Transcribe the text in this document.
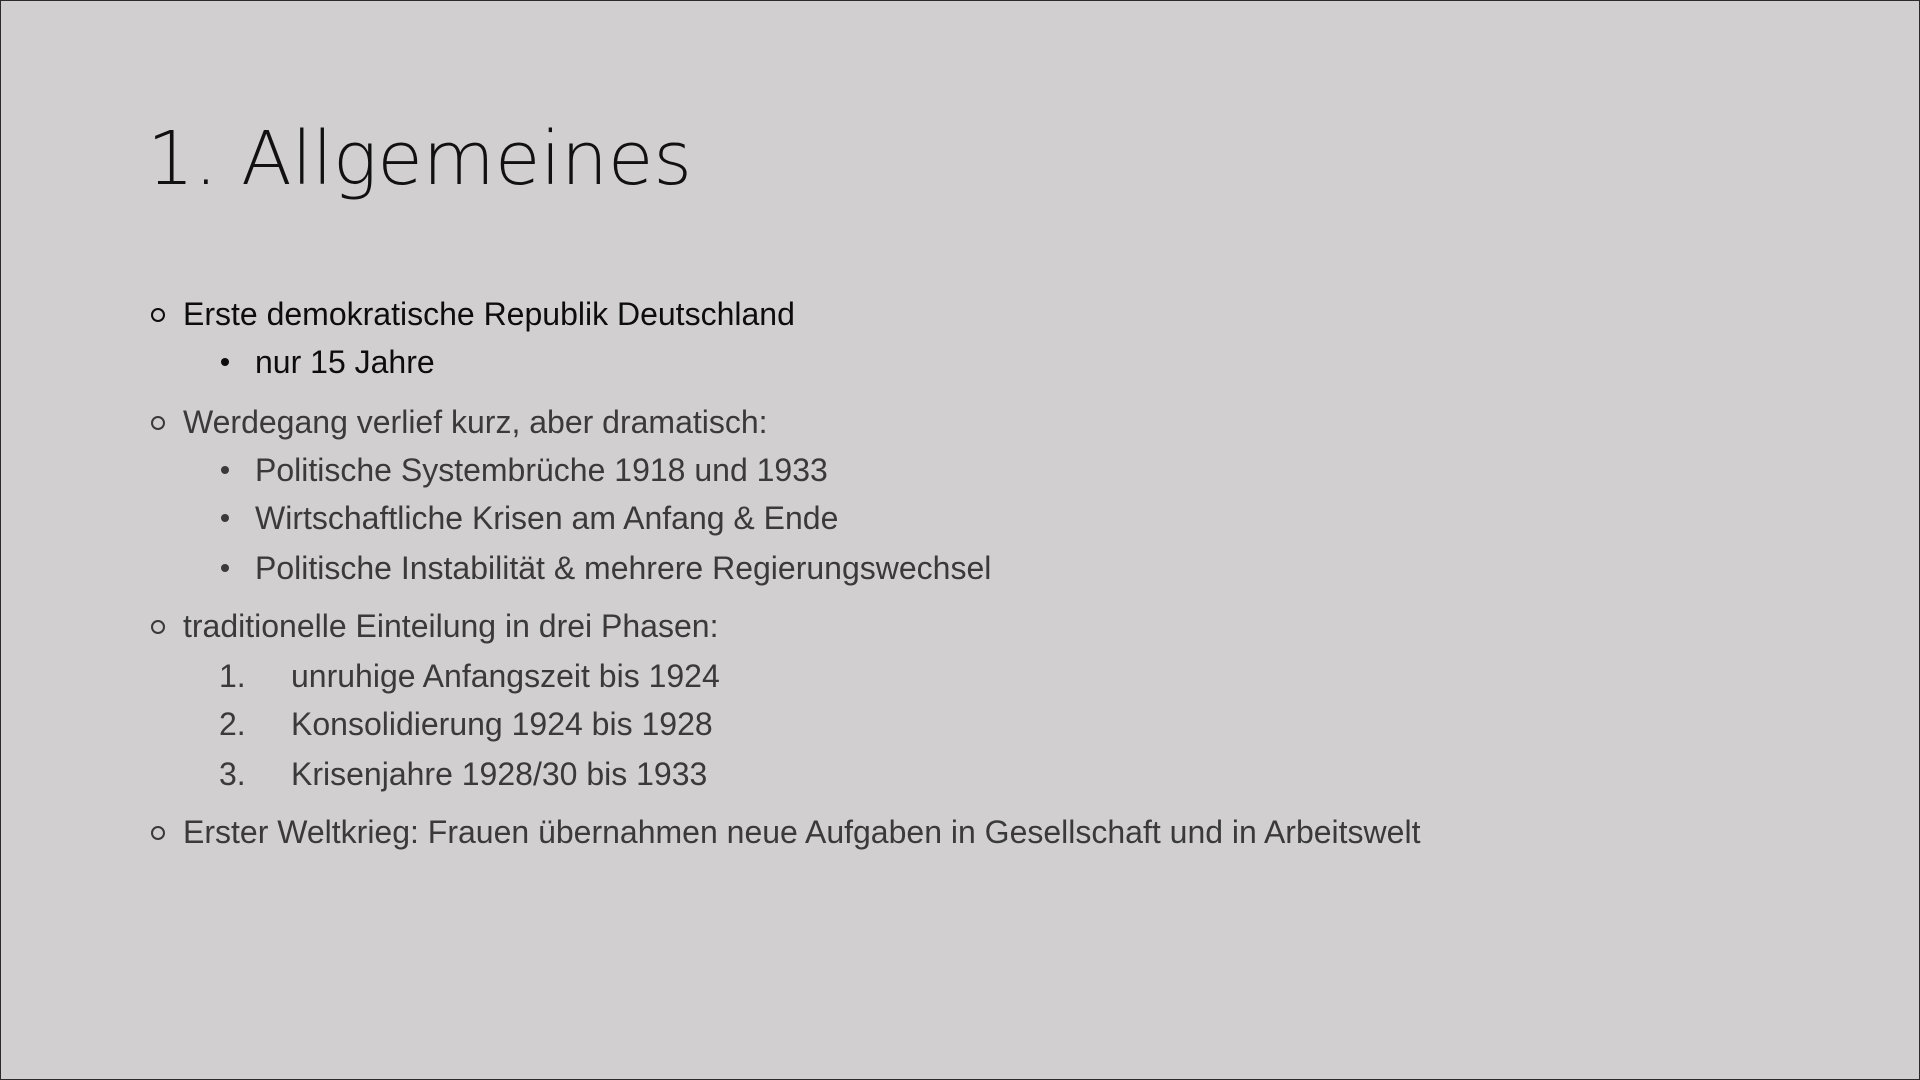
1. Allgemeines
Erste demokratische Republik Deutschland
nur 15 Jahre
Werdegang verlief kurz, aber dramatisch:
Politische Systembrüche 1918 und 1933
Wirtschaftliche Krisen am Anfang & Ende
Politische Instabilität & mehrere Regierungswechsel
traditionelle Einteilung in drei Phasen:
1. unruhige Anfangszeit bis 1924
2. Konsolidierung 1924 bis 1928
3. Krisenjahre 1928/30 bis 1933
Erster Weltkrieg: Frauen übernahmen neue Aufgaben in Gesellschaft und in Arbeitswelt
